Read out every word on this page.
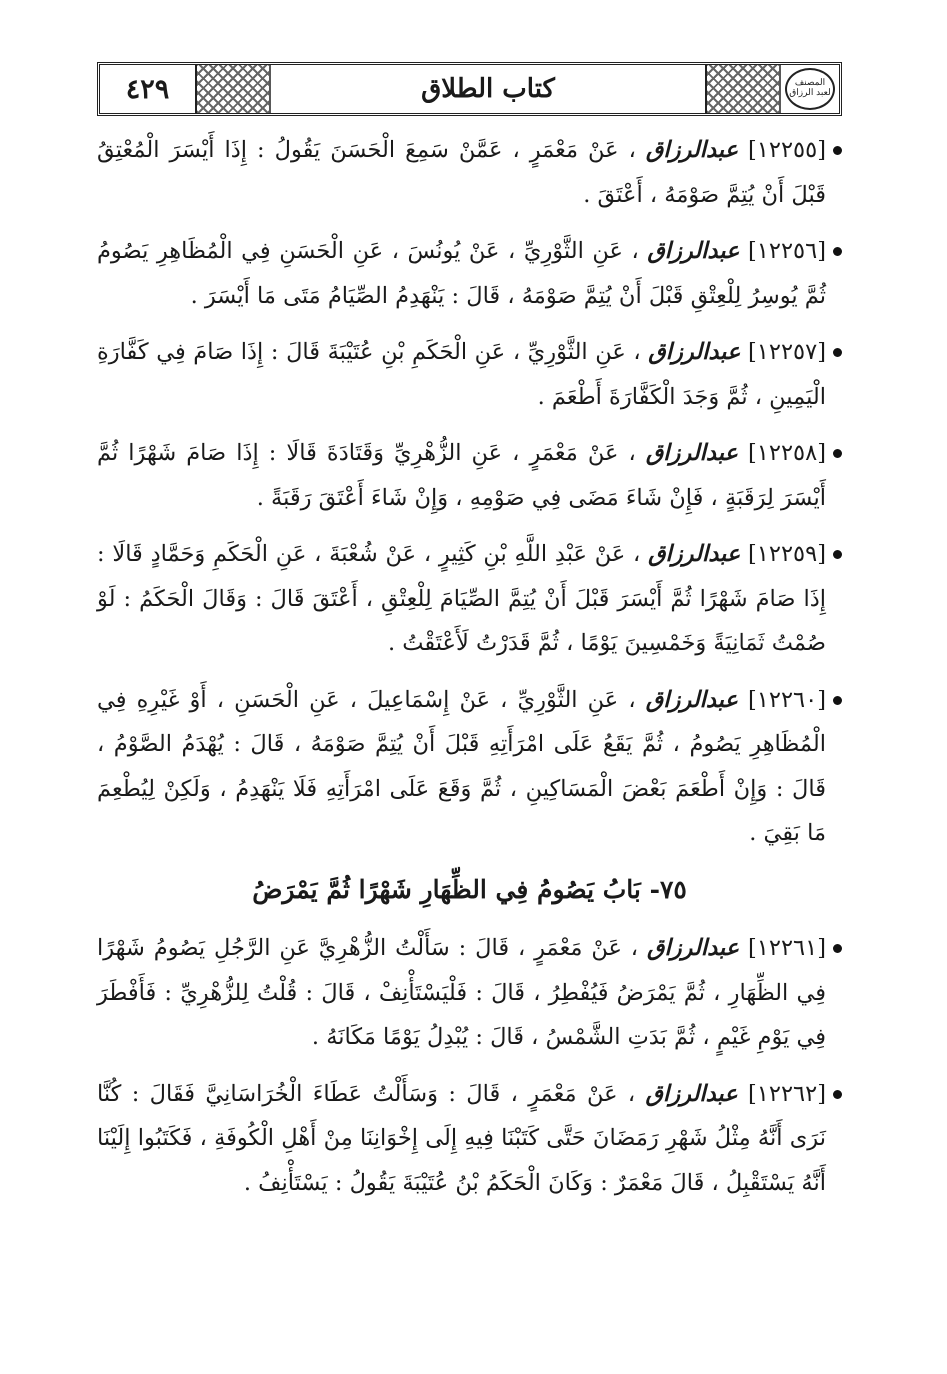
٤٢٩	كتاب الطلاق	المصنف لعبد الرزاق

[١٢٢٥٥] عبدالرزاق ، عَنْ مَعْمَرٍ ، عَمَّنْ سَمِعَ الْحَسَنَ يَقُولُ : إِذَا أَيْسَرَ الْمُعْتِقُ قَبْلَ أَنْ يُتِمَّ صَوْمَهُ ، أَعْتَقَ .

[١٢٢٥٦] عبدالرزاق ، عَنِ الثَّوْرِيِّ ، عَنْ يُونُسَ ، عَنِ الْحَسَنِ فِي الْمُظَاهِرِ يَصُومُ ثُمَّ يُوسِرُ لِلْعِتْقِ قَبْلَ أَنْ يُتِمَّ صَوْمَهُ ، قَالَ : يَنْهَدِمُ الصِّيَامُ مَتَى مَا أَيْسَرَ .

[١٢٢٥٧] عبدالرزاق ، عَنِ الثَّوْرِيِّ ، عَنِ الْحَكَمِ بْنِ عُتَيْبَةَ قَالَ : إِذَا صَامَ فِي كَفَّارَةِ الْيَمِينِ ، ثُمَّ وَجَدَ الْكَفَّارَةَ أَطْعَمَ .

[١٢٢٥٨] عبدالرزاق ، عَنْ مَعْمَرٍ ، عَنِ الزُّهْرِيِّ وَقَتَادَةَ قَالَا : إِذَا صَامَ شَهْرًا ثُمَّ أَيْسَرَ لِرَقَبَةٍ ، فَإِنْ شَاءَ مَضَى فِي صَوْمِهِ ، وَإِنْ شَاءَ أَعْتَقَ رَقَبَةً .

[١٢٢٥٩] عبدالرزاق ، عَنْ عَبْدِ اللَّهِ بْنِ كَثِيرٍ ، عَنْ شُعْبَةَ ، عَنِ الْحَكَمِ وَحَمَّادٍ قَالَا : إِذَا صَامَ شَهْرًا ثُمَّ أَيْسَرَ قَبْلَ أَنْ يُتِمَّ الصِّيَامَ لِلْعِتْقِ ، أَعْتَقَ قَالَ : وَقَالَ الْحَكَمُ : لَوْ صُمْتُ ثَمَانِيَةً وَخَمْسِينَ يَوْمًا ، ثُمَّ قَدَرْتُ لَأَعْتَقْتُ .

[١٢٢٦٠] عبدالرزاق ، عَنِ الثَّوْرِيِّ ، عَنْ إِسْمَاعِيلَ ، عَنِ الْحَسَنِ ، أَوْ غَيْرِهِ فِي الْمُظَاهِرِ يَصُومُ ، ثُمَّ يَقَعُ عَلَى امْرَأَتِهِ قَبْلَ أَنْ يُتِمَّ صَوْمَهُ ، قَالَ : يُهْدَمُ الصَّوْمُ ، قَالَ : وَإِنْ أَطْعَمَ بَعْضَ الْمَسَاكِينِ ، ثُمَّ وَقَعَ عَلَى امْرَأَتِهِ فَلَا يَنْهَدِمُ ، وَلَكِنْ لِيُطْعِمَ مَا بَقِيَ .

٧٥- بَابُ يَصُومُ فِي الظِّهَارِ شَهْرًا ثُمَّ يَمْرَضُ

[١٢٢٦١] عبدالرزاق ، عَنْ مَعْمَرٍ ، قَالَ : سَأَلْتُ الزُّهْرِيَّ عَنِ الرَّجُلِ يَصُومُ شَهْرًا فِي الظِّهَارِ ، ثُمَّ يَمْرَضُ فَيُفْطِرُ ، قَالَ : فَلْيَسْتَأْنِفْ ، قَالَ : قُلْتُ لِلزُّهْرِيِّ : فَأَفْطَرَ فِي يَوْمِ غَيْمٍ ، ثُمَّ بَدَتِ الشَّمْسُ ، قَالَ : يُبْدِلُ يَوْمًا مَكَانَهُ .

[١٢٢٦٢] عبدالرزاق ، عَنْ مَعْمَرٍ ، قَالَ : وَسَأَلْتُ عَطَاءَ الْخُرَاسَانِيَّ فَقَالَ : كُنَّا نَرَى أَنَّهُ مِثْلُ شَهْرِ رَمَضَانَ حَتَّى كَتَبْنَا فِيهِ إِلَى إِخْوَانِنَا مِنْ أَهْلِ الْكُوفَةِ ، فَكَتَبُوا إِلَيْنَا أَنَّهُ يَسْتَقْبِلُ ، قَالَ مَعْمَرٌ : وَكَانَ الْحَكَمُ بْنُ عُتَيْبَةَ يَقُولُ : يَسْتَأْنِفُ .
